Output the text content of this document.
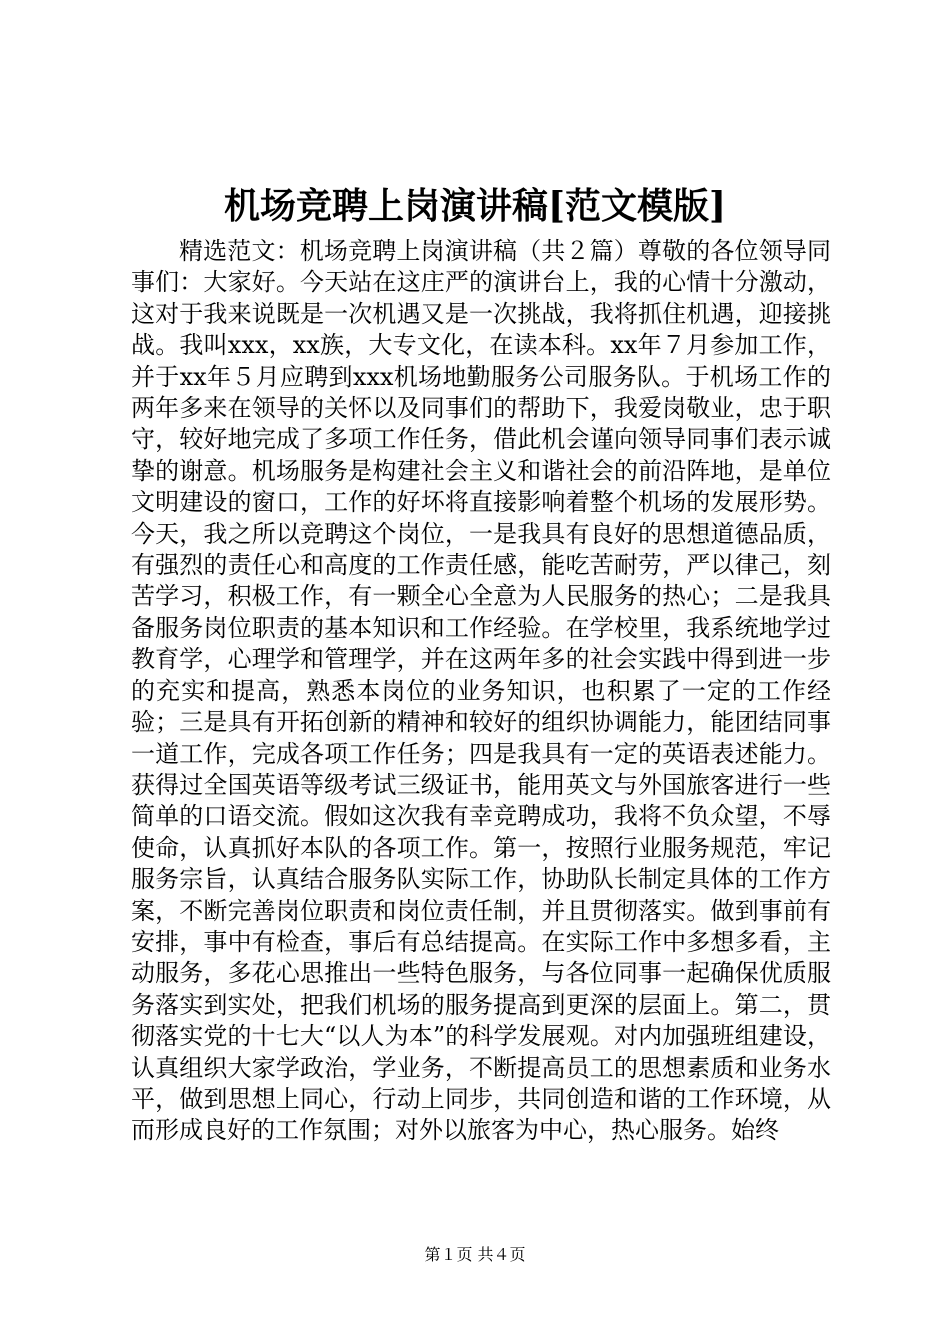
机场竞聘上岗演讲稿[范文模版]

精选范文：机场竞聘上岗演讲稿（共２篇）尊敬的各位领导同事们：大家好。今天站在这庄严的演讲台上，我的心情十分激动，这对于我来说既是一次机遇又是一次挑战，我将抓住机遇，迎接挑战。我叫xxx，xx族，大专文化，在读本科。xx年７月参加工作，并于xx年５月应聘到xxx机场地勤服务公司服务队。于机场工作的两年多来在领导的关怀以及同事们的帮助下，我爱岗敬业，忠于职守，较好地完成了多项工作任务，借此机会谨向领导同事们表示诚挚的谢意。机场服务是构建社会主义和谐社会的前沿阵地，是单位文明建设的窗口，工作的好坏将直接影响着整个机场的发展形势。今天，我之所以竞聘这个岗位，一是我具有良好的思想道德品质，有强烈的责任心和高度的工作责任感，能吃苦耐劳，严以律己，刻苦学习，积极工作，有一颗全心全意为人民服务的热心；二是我具备服务岗位职责的基本知识和工作经验。在学校里，我系统地学过教育学，心理学和管理学，并在这两年多的社会实践中得到进一步的充实和提高，熟悉本岗位的业务知识，也积累了一定的工作经验；三是具有开拓创新的精神和较好的组织协调能力，能团结同事一道工作，完成各项工作任务；四是我具有一定的英语表述能力。获得过全国英语等级考试三级证书，能用英文与外国旅客进行一些简单的口语交流。假如这次我有幸竞聘成功，我将不负众望，不辱使命，认真抓好本队的各项工作。第一，按照行业服务规范，牢记服务宗旨，认真结合服务队实际工作，协助队长制定具体的工作方案，不断完善岗位职责和岗位责任制，并且贯彻落实。做到事前有安排，事中有检查，事后有总结提高。在实际工作中多想多看，主动服务，多花心思推出一些特色服务，与各位同事一起确保优质服务落实到实处，把我们机场的服务提高到更深的层面上。第二，贯彻落实党的十七大“以人为本”的科学发展观。对内加强班组建设，认真组织大家学政治，学业务，不断提高员工的思想素质和业务水平，做到思想上同心，行动上同步，共同创造和谐的工作环境，从而形成良好的工作氛围；对外以旅客为中心，热心服务。始终

第１页 共４页
